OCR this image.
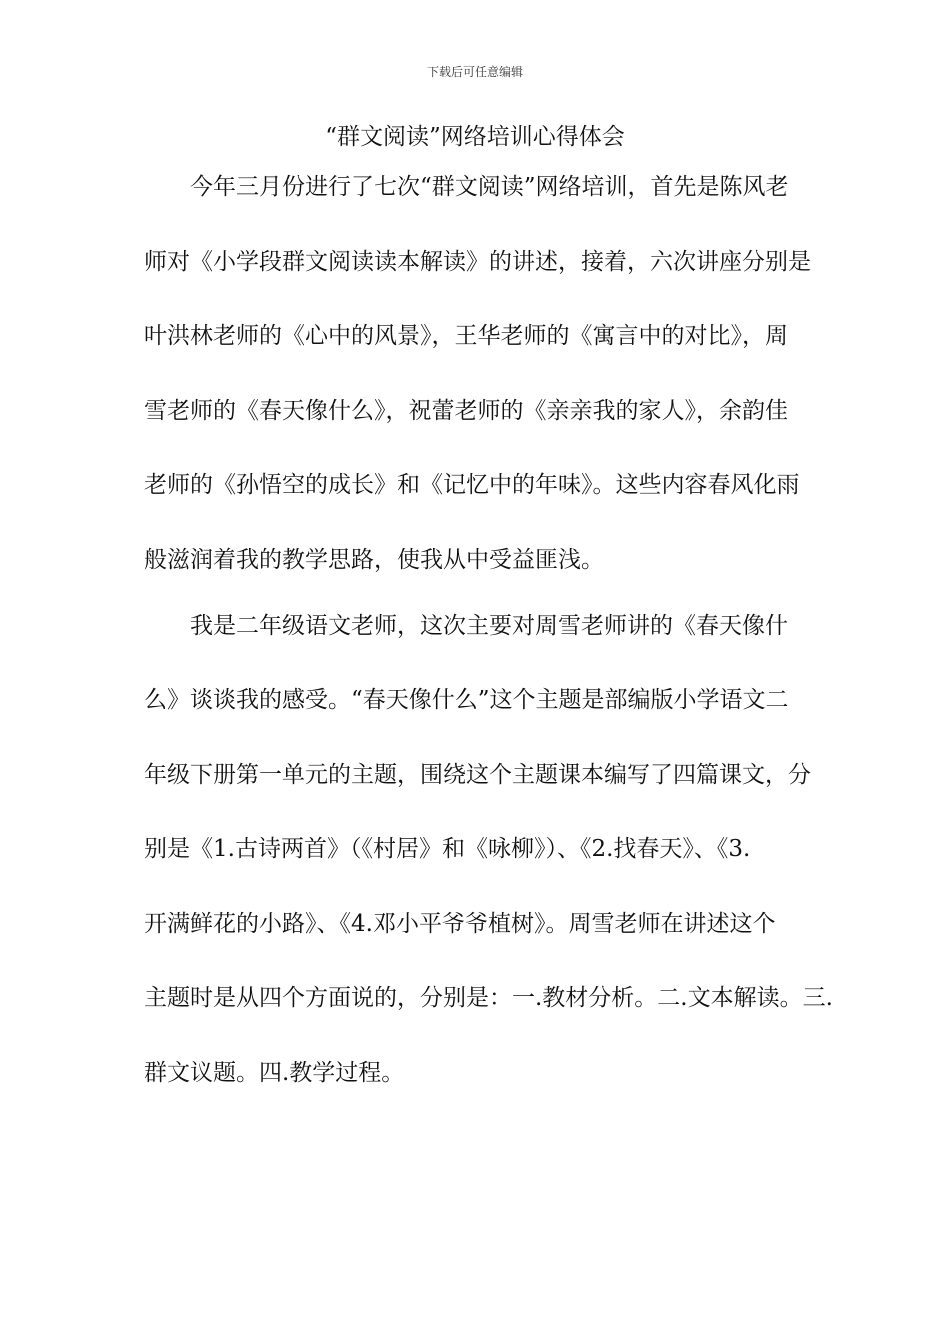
下载后可任意编辑
“群文阅读”网络培训心得体会
今年三月份进行了七次“群文阅读”网络培训，首先是陈风老
师对《小学段群文阅读读本解读》的讲述，接着，六次讲座分别是
叶洪林老师的《心中的风景》，王华老师的《寓言中的对比》，周
雪老师的《春天像什么》，祝蕾老师的《亲亲我的家人》，余韵佳
老师的《孙悟空的成长》和《记忆中的年味》。这些内容春风化雨
般滋润着我的教学思路，使我从中受益匪浅。
我是二年级语文老师，这次主要对周雪老师讲的《春天像什
么》谈谈我的感受。“春天像什么”这个主题是部编版小学语文二
年级下册第一单元的主题，围绕这个主题课本编写了四篇课文，分
别是《1.古诗两首》（《村居》和《咏柳》）、《2.找春天》、《3.
开满鲜花的小路》、《4.邓小平爷爷植树》。周雪老师在讲述这个
主题时是从四个方面说的，分别是：一.教材分析。二.文本解读。三.
群文议题。四.教学过程。
